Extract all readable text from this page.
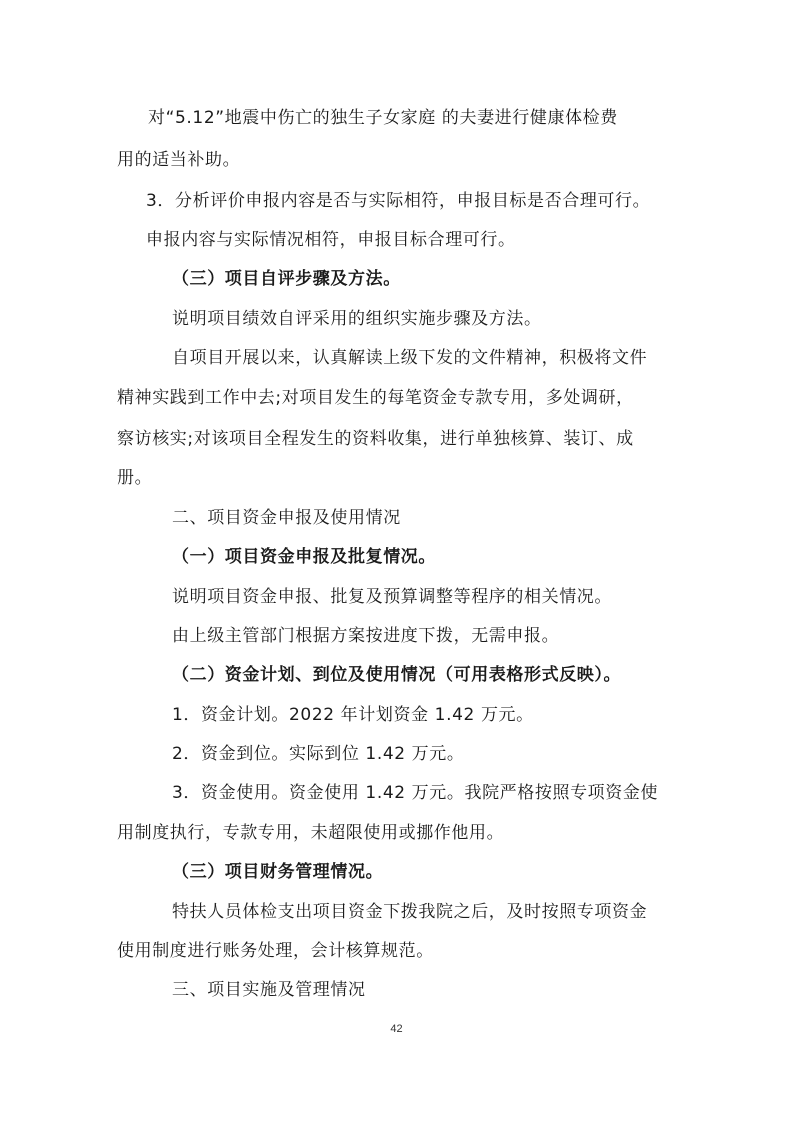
对“5.12”地震中伤亡的独生子女家庭 的夫妻进行健康体检费
用的适当补助。
3．分析评价申报内容是否与实际相符，申报目标是否合理可行。
申报内容与实际情况相符，申报目标合理可行。
（三）项目自评步骤及方法。
说明项目绩效自评采用的组织实施步骤及方法。
自项目开展以来，认真解读上级下发的文件精神，积极将文件
精神实践到工作中去;对项目发生的每笔资金专款专用，多处调研，
察访核实;对该项目全程发生的资料收集，进行单独核算、装订、成
册。
二、项目资金申报及使用情况
（一）项目资金申报及批复情况。
说明项目资金申报、批复及预算调整等程序的相关情况。
由上级主管部门根据方案按进度下拨，无需申报。
（二）资金计划、到位及使用情况（可用表格形式反映）。
1．资金计划。2022 年计划资金 1.42 万元。
2．资金到位。实际到位 1.42 万元。
3．资金使用。资金使用 1.42 万元。我院严格按照专项资金使
用制度执行，专款专用，未超限使用或挪作他用。
（三）项目财务管理情况。
特扶人员体检支出项目资金下拨我院之后，及时按照专项资金
使用制度进行账务处理，会计核算规范。
三、项目实施及管理情况
42
